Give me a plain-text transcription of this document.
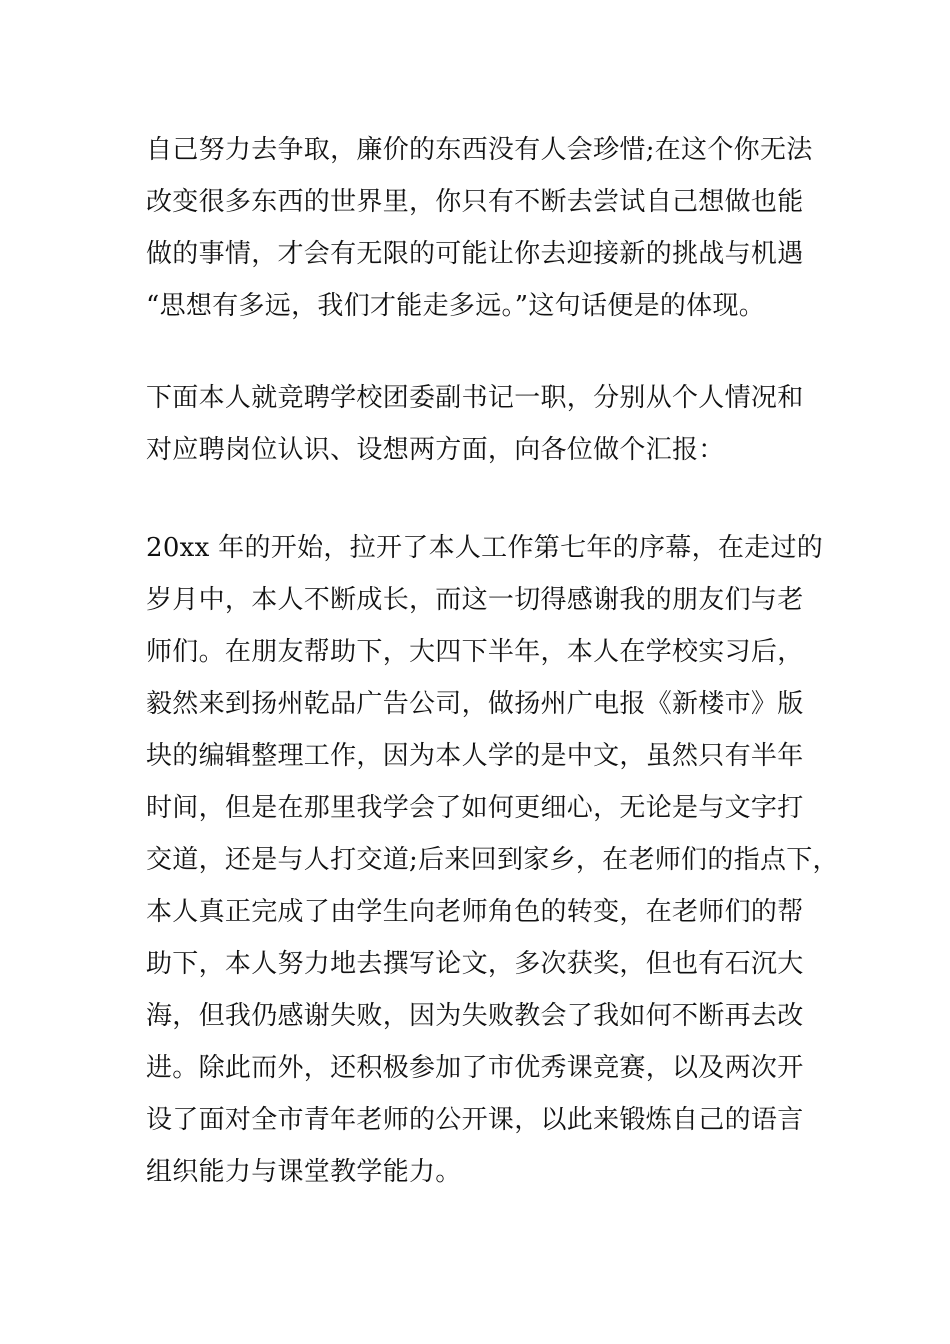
自己努力去争取，廉价的东西没有人会珍惜;在这个你无法
改变很多东西的世界里，你只有不断去尝试自己想做也能
做的事情，才会有无限的可能让你去迎接新的挑战与机遇
“思想有多远，我们才能走多远。”这句话便是的体现。
下面本人就竞聘学校团委副书记一职，分别从个人情况和
对应聘岗位认识、设想两方面，向各位做个汇报：
20xx 年的开始，拉开了本人工作第七年的序幕，在走过的
岁月中，本人不断成长，而这一切得感谢我的朋友们与老
师们。在朋友帮助下，大四下半年，本人在学校实习后，
毅然来到扬州乾品广告公司，做扬州广电报《新楼市》版
块的编辑整理工作，因为本人学的是中文，虽然只有半年
时间，但是在那里我学会了如何更细心，无论是与文字打
交道，还是与人打交道;后来回到家乡，在老师们的指点下，
本人真正完成了由学生向老师角色的转变，在老师们的帮
助下，本人努力地去撰写论文，多次获奖，但也有石沉大
海，但我仍感谢失败，因为失败教会了我如何不断再去改
进。除此而外，还积极参加了市优秀课竞赛，以及两次开
设了面对全市青年老师的公开课，以此来锻炼自己的语言
组织能力与课堂教学能力。
